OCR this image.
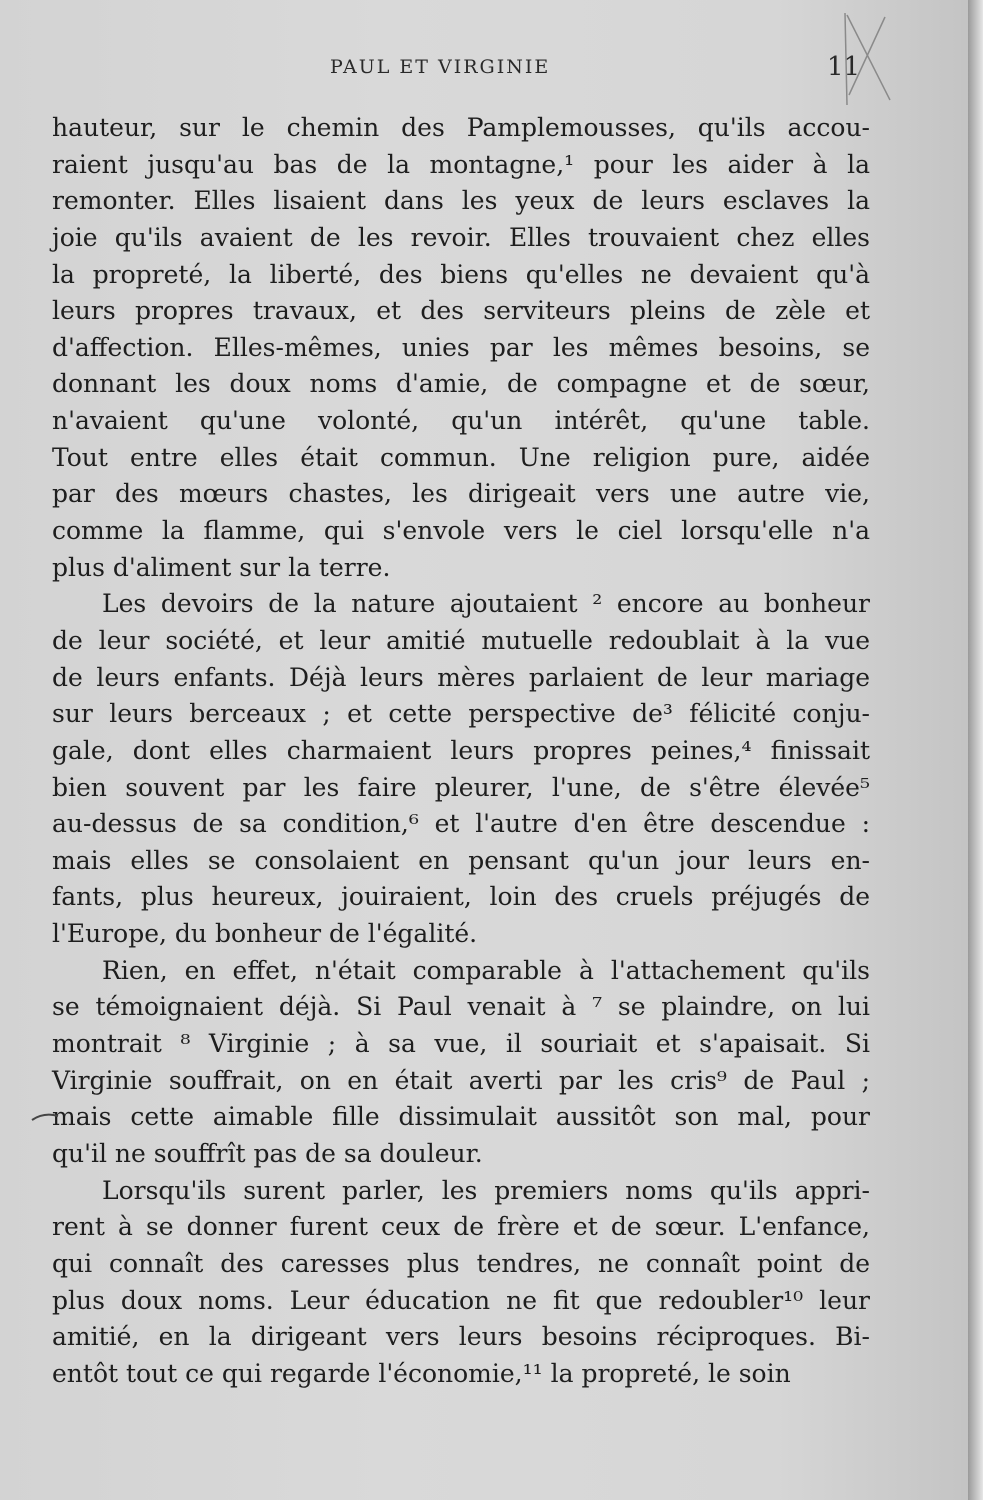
PAUL ET VIRGINIE	11
hauteur, sur le chemin des Pamplemousses, qu'ils accou-
raient jusqu'au bas de la montagne,¹ pour les aider à la
remonter. Elles lisaient dans les yeux de leurs esclaves la
joie qu'ils avaient de les revoir. Elles trouvaient chez elles
la propreté, la liberté, des biens qu'elles ne devaient qu'à
leurs propres travaux, et des serviteurs pleins de zèle et
d'affection. Elles-mêmes, unies par les mêmes besoins, se
donnant les doux noms d'amie, de compagne et de sœur,
n'avaient qu'une volonté, qu'un intérêt, qu'une table.
Tout entre elles était commun. Une religion pure, aidée
par des mœurs chastes, les dirigeait vers une autre vie,
comme la flamme, qui s'envole vers le ciel lorsqu'elle n'a
plus d'aliment sur la terre.
Les devoirs de la nature ajoutaient ² encore au bonheur
de leur société, et leur amitié mutuelle redoublait à la vue
de leurs enfants. Déjà leurs mères parlaient de leur mariage
sur leurs berceaux ; et cette perspective de³ félicité conju-
gale, dont elles charmaient leurs propres peines,⁴ finissait
bien souvent par les faire pleurer, l'une, de s'être élevée⁵
au-dessus de sa condition,⁶ et l'autre d'en être descendue :
mais elles se consolaient en pensant qu'un jour leurs en-
fants, plus heureux, jouiraient, loin des cruels préjugés de
l'Europe, du bonheur de l'égalité.
Rien, en effet, n'était comparable à l'attachement qu'ils
se témoignaient déjà. Si Paul venait à ⁷ se plaindre, on lui
montrait ⁸ Virginie ; à sa vue, il souriait et s'apaisait. Si
Virginie souffrait, on en était averti par les cris⁹ de Paul ;
mais cette aimable fille dissimulait aussitôt son mal, pour
qu'il ne souffrît pas de sa douleur.
Lorsqu'ils surent parler, les premiers noms qu'ils appri-
rent à se donner furent ceux de frère et de sœur. L'enfance,
qui connaît des caresses plus tendres, ne connaît point de
plus doux noms. Leur éducation ne fit que redoubler¹⁰ leur
amitié, en la dirigeant vers leurs besoins réciproques. Bi-
entôt tout ce qui regarde l'économie,¹¹ la propreté, le soin
